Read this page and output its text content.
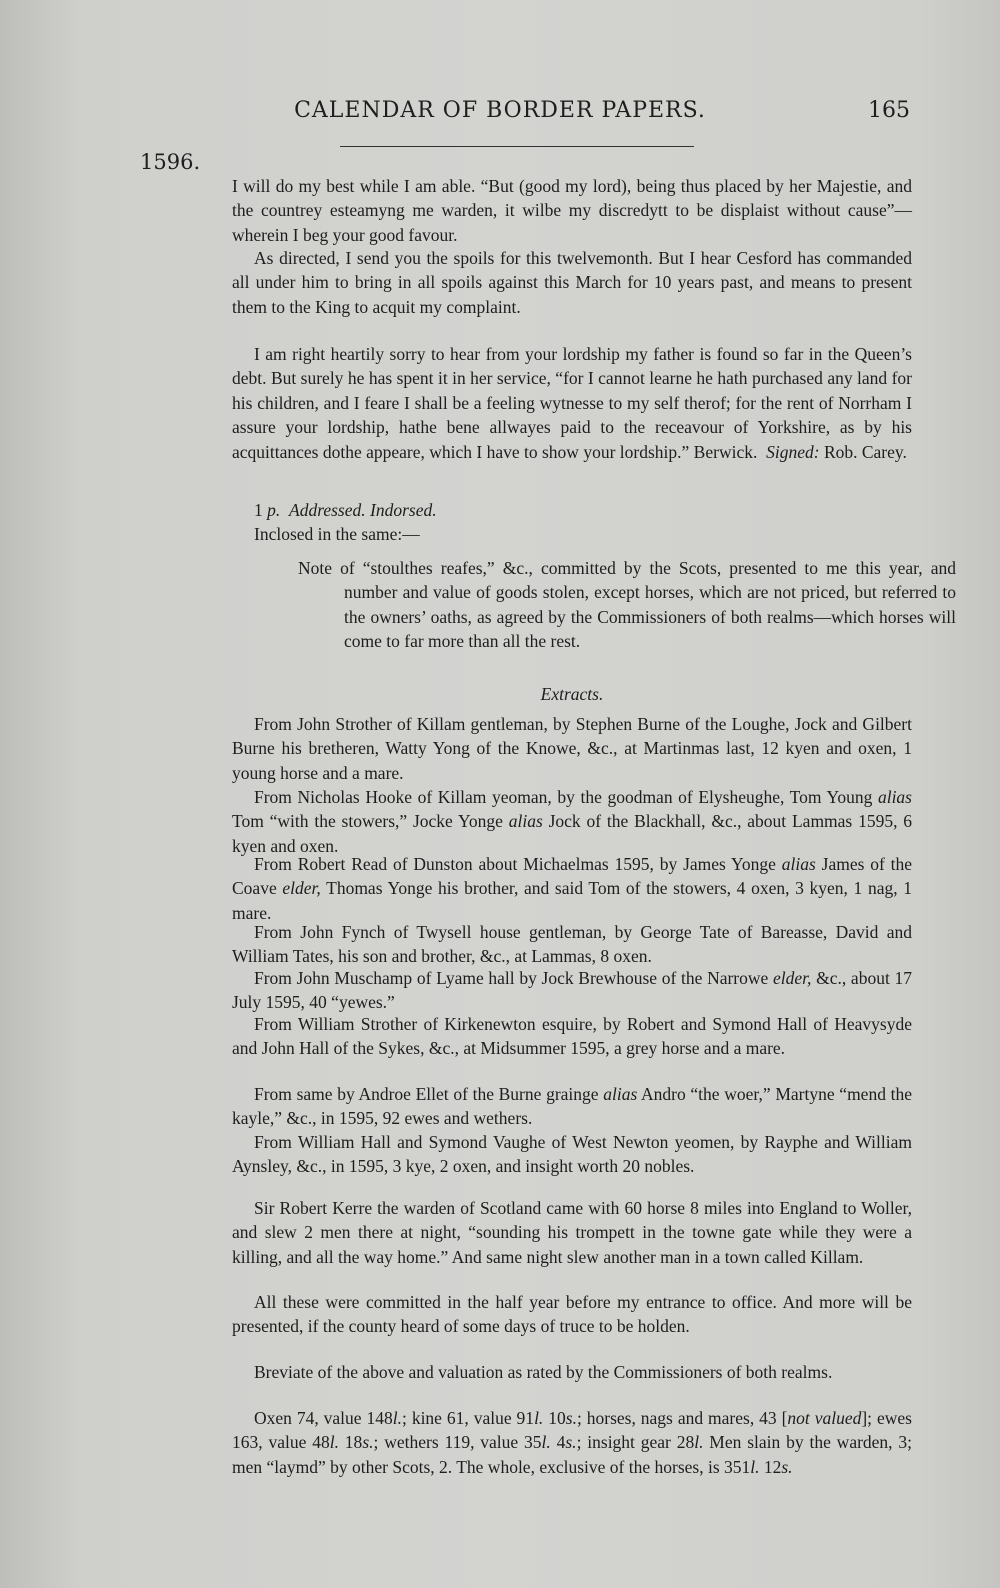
CALENDAR OF BORDER PAPERS.	165
1596.

I will do my best while I am able. “But (good my lord), being thus placed by her Majestie, and the countrey esteamyng me warden, it wilbe my discredytt to be displaist without cause”—wherein I beg your good favour.

As directed, I send you the spoils for this twelvemonth. But I hear Cesford has commanded all under him to bring in all spoils against this March for 10 years past, and means to present them to the King to acquit my complaint.

I am right heartily sorry to hear from your lordship my father is found so far in the Queen’s debt. But surely he has spent it in her service, “for I cannot learne he hath purchased any land for his children, and I feare I shall be a feeling wytnesse to my self therof; for the rent of Norrham I assure your lordship, hathe bene allwayes paid to the receavour of Yorkshire, as by his acquittances dothe appeare, which I have to show your lordship.” Berwick. Signed: Rob. Carey.

1 p. Addressed. Indorsed.

Inclosed in the same:—

Note of “stoulthes reafes,” &c., committed by the Scots, presented to me this year, and number and value of goods stolen, except horses, which are not priced, but referred to the owners’ oaths, as agreed by the Commissioners of both realms—which horses will come to far more than all the rest.

Extracts.

From John Strother of Killam gentleman, by Stephen Burne of the Loughe, Jock and Gilbert Burne his bretheren, Watty Yong of the Knowe, &c., at Martinmas last, 12 kyen and oxen, 1 young horse and a mare.

From Nicholas Hooke of Killam yeoman, by the goodman of Elysheughe, Tom Young alias Tom “with the stowers,” Jocke Yonge alias Jock of the Blackhall, &c., about Lammas 1595, 6 kyen and oxen.

From Robert Read of Dunston about Michaelmas 1595, by James Yonge alias James of the Coave elder, Thomas Yonge his brother, and said Tom of the stowers, 4 oxen, 3 kyen, 1 nag, 1 mare.

From John Fynch of Twysell house gentleman, by George Tate of Bareasse, David and William Tates, his son and brother, &c., at Lammas, 8 oxen.

From John Muschamp of Lyame hall by Jock Brewhouse of the Narrowe elder, &c., about 17 July 1595, 40 “yewes.”

From William Strother of Kirkenewton esquire, by Robert and Symond Hall of Heavysyde and John Hall of the Sykes, &c., at Midsummer 1595, a grey horse and a mare.

From same by Androe Ellet of the Burne grainge alias Andro “the woer,” Martyne “mend the kayle,” &c., in 1595, 92 ewes and wethers.

From William Hall and Symond Vaughe of West Newton yeomen, by Rayphe and William Aynsley, &c., in 1595, 3 kye, 2 oxen, and insight worth 20 nobles.

Sir Robert Kerre the warden of Scotland came with 60 horse 8 miles into England to Woller, and slew 2 men there at night, “sounding his trompett in the towne gate while they were a killing, and all the way home.” And same night slew another man in a town called Killam.

All these were committed in the half year before my entrance to office. And more will be presented, if the county heard of some days of truce to be holden.

Breviate of the above and valuation as rated by the Commissioners of both realms.

Oxen 74, value 148l.; kine 61, value 91l. 10s.; horses, nags and mares, 43 [not valued]; ewes 163, value 48l. 18s.; wethers 119, value 35l. 4s.; insight gear 28l. Men slain by the warden, 3; men “laymd” by other Scots, 2. The whole, exclusive of the horses, is 351l. 12s.
